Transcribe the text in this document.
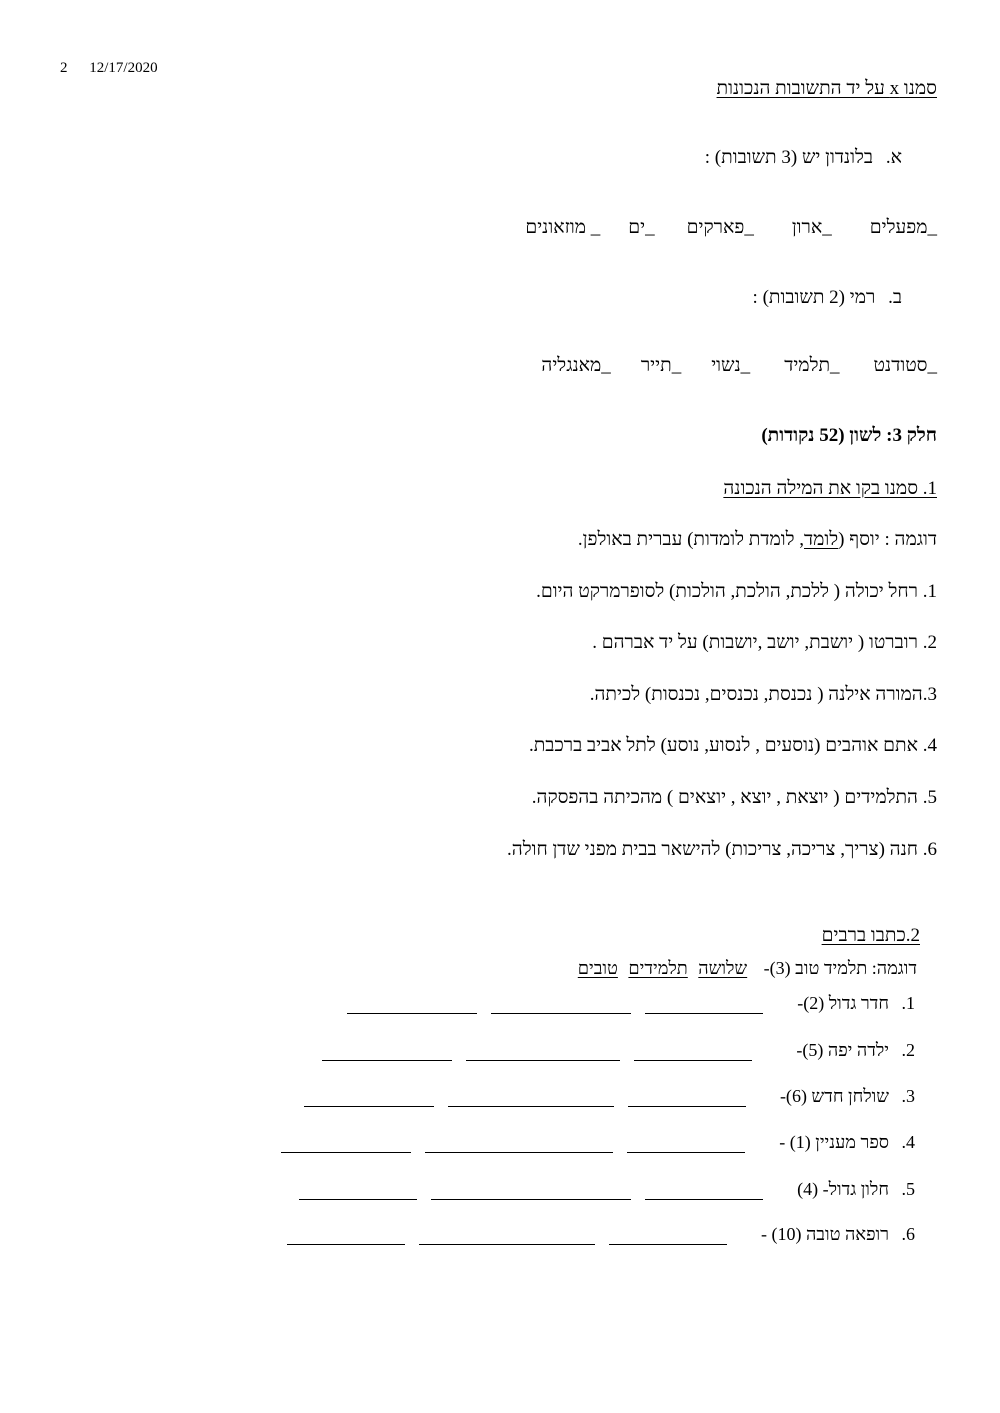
2 12/17/2020
סמנו x על יד התשובות הנכונות
א. בלונדון יש (3 תשובות) :
_מפעלים_ארון_פארקים_ים_ מוזאונים
ב. רמי (2 תשובות) :
_סטודנט_תלמיד_נשוי_תייר_מאנגליה
חלק 3: לשון (52 נקודות)
1. סמנו בקו את המילה הנכונה
דוגמה : יוסף (לומד, לומדת לומדות) עברית באולפן.
1. רחל יכולה ( ללכת, הולכת, הולכות) לסופרמרקט היום.
2. רוברטו ( יושבת, יושב ,יושבות) על יד אברהם .
3.המורה אילנה ( נכנסת, נכנסים, נכנסות) לכיתה.
4. אתם אוהבים (נוסעים , לנסוע, נוסע) לתל אביב ברכבת.
5. התלמידים ( יוצאת , יוצא , יוצאים ) מהכיתה בהפסקה.
6. חנה (צריך, צריכה, צריכות) להישאר בבית מפני שדן חולה.
2.כתבו ברבים
דוגמה: תלמיד טוב (3)- שלושה תלמידים טובים
1.
חדר גדול (2)-
2.
ילדה יפה (5)-
3.
שולחן חדש (6)-
4.
ספר מעניין (1) -
5.
חלון גדול- (4)
6.
רופאה טובה (10) -
